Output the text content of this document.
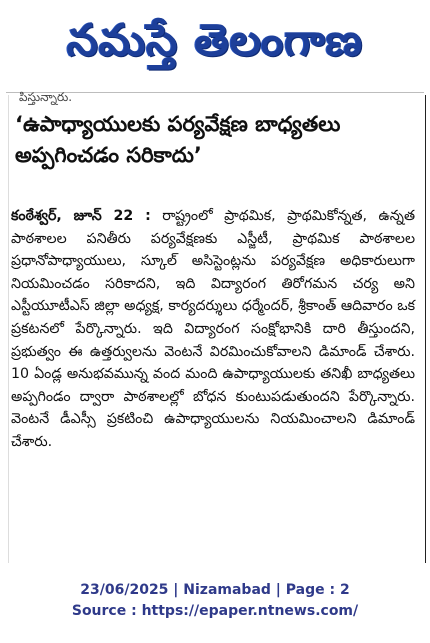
నమస్తే తెలంగాణ
పిస్తున్నారు.
‘ఉపాధ్యాయులకు పర్యవేక్షణ బాధ్యతలు అప్పగించడం సరికాదు’
కంఠేశ్వర్, జూన్ 22 : రాష్ట్రంలో ప్రాథమిక, ప్రాథమికోన్నత, ఉన్నత పాఠశాలల పనితీరు పర్యవేక్షణకు ఎస్జీటీ, ప్రాథమిక పాఠశాలల ప్రధానోపాధ్యాయులు, స్కూల్ అసిస్టెంట్లను పర్యవేక్షణ అధికారులుగా నియమించడం సరికాదని, ఇది విద్యారంగ తిరోగమన చర్య అని ఎస్టీయూటీఎస్ జిల్లా అధ్యక్ష, కార్యదర్శులు ధర్మేందర్, శ్రీకాంత్ ఆదివారం ఒక ప్రకటనలో పేర్కొన్నారు. ఇది విద్యారంగ సంక్షోభానికి దారి తీస్తుందని, ప్రభుత్వం ఈ ఉత్తర్వులను వెంటనే విరమించుకోవాలని డిమాండ్ చేశారు. 10 ఏండ్ల అనుభవమున్న వంద మంది ఉపాధ్యాయులకు తనిఖీ బాధ్యతలు అప్పగిండం ద్వారా పాఠశాలల్లో బోధన కుంటుపడుతుందని పేర్కొన్నారు. వెంటనే డీఎస్సీ ప్రకటించి ఉపాధ్యాయులను నియమించాలని డిమాండ్ చేశారు.
23/06/2025 | Nizamabad | Page : 2
Source : https://epaper.ntnews.com/
